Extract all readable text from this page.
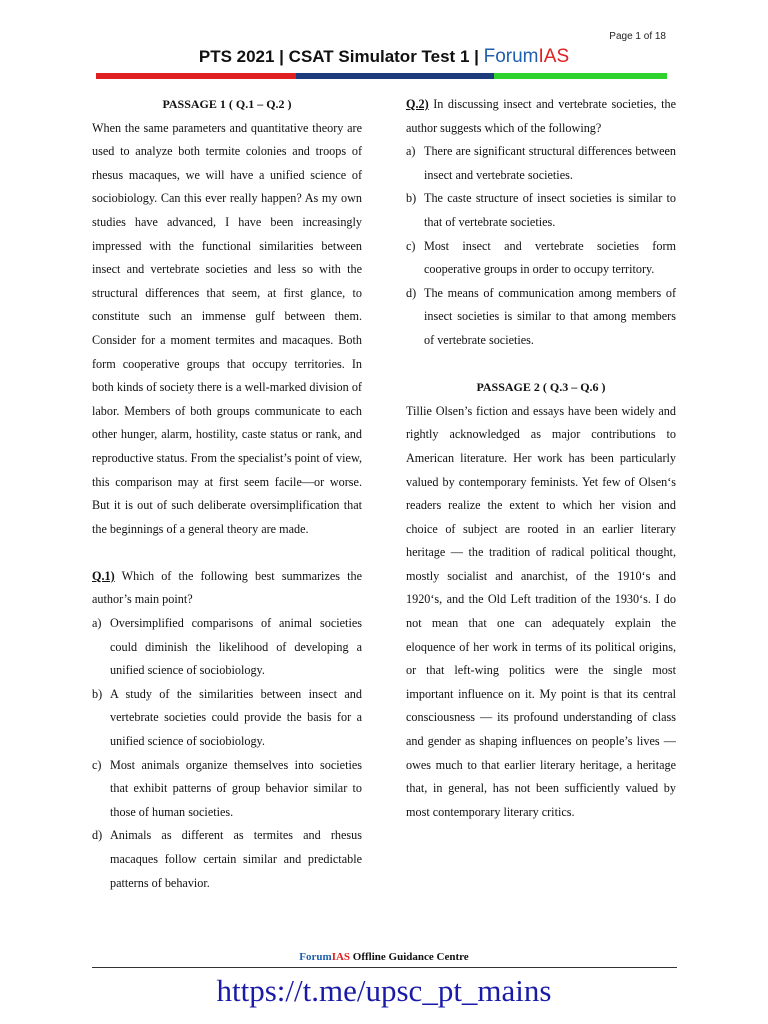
Page 1 of 18
PTS 2021 | CSAT Simulator Test 1 | ForumIAS
PASSAGE 1 ( Q.1 – Q.2 )

When the same parameters and quantitative theory are used to analyze both termite colonies and troops of rhesus macaques, we will have a unified science of sociobiology. Can this ever really happen? As my own studies have advanced, I have been increasingly impressed with the functional similarities between insect and vertebrate societies and less so with the structural differences that seem, at first glance, to constitute such an immense gulf between them. Consider for a moment termites and macaques. Both form cooperative groups that occupy territories. In both kinds of society there is a well-marked division of labor. Members of both groups communicate to each other hunger, alarm, hostility, caste status or rank, and reproductive status. From the specialist’s point of view, this comparison may at first seem facile—or worse. But it is out of such deliberate oversimplification that the beginnings of a general theory are made.

Q.1) Which of the following best summarizes the author’s main point?

a) Oversimplified comparisons of animal societies could diminish the likelihood of developing a unified science of sociobiology.
b) A study of the similarities between insect and vertebrate societies could provide the basis for a unified science of sociobiology.
c) Most animals organize themselves into societies that exhibit patterns of group behavior similar to those of human societies.
d) Animals as different as termites and rhesus macaques follow certain similar and predictable patterns of behavior.

Q.2) In discussing insect and vertebrate societies, the author suggests which of the following?

a) There are significant structural differences between insect and vertebrate societies.
b) The caste structure of insect societies is similar to that of vertebrate societies.
c) Most insect and vertebrate societies form cooperative groups in order to occupy territory.
d) The means of communication among members of insect societies is similar to that among members of vertebrate societies.
PASSAGE 2 ( Q.3 – Q.6 )

Tillie Olsen’s fiction and essays have been widely and rightly acknowledged as major contributions to American literature. Her work has been particularly valued by contemporary feminists. Yet few of Olsen‘s readers realize the extent to which her vision and choice of subject are rooted in an earlier literary heritage — the tradition of radical political thought, mostly socialist and anarchist, of the 1910‘s and 1920‘s, and the Old Left tradition of the 1930‘s. I do not mean that one can adequately explain the eloquence of her work in terms of its political origins, or that left-wing politics were the single most important influence on it. My point is that its central consciousness — its profound understanding of class and gender as shaping influences on people’s lives — owes much to that earlier literary heritage, a heritage that, in general, has not been sufficiently valued by most contemporary literary critics.

ForumIAS Offline Guidance Centre
https://t.me/upsc_pt_mains
